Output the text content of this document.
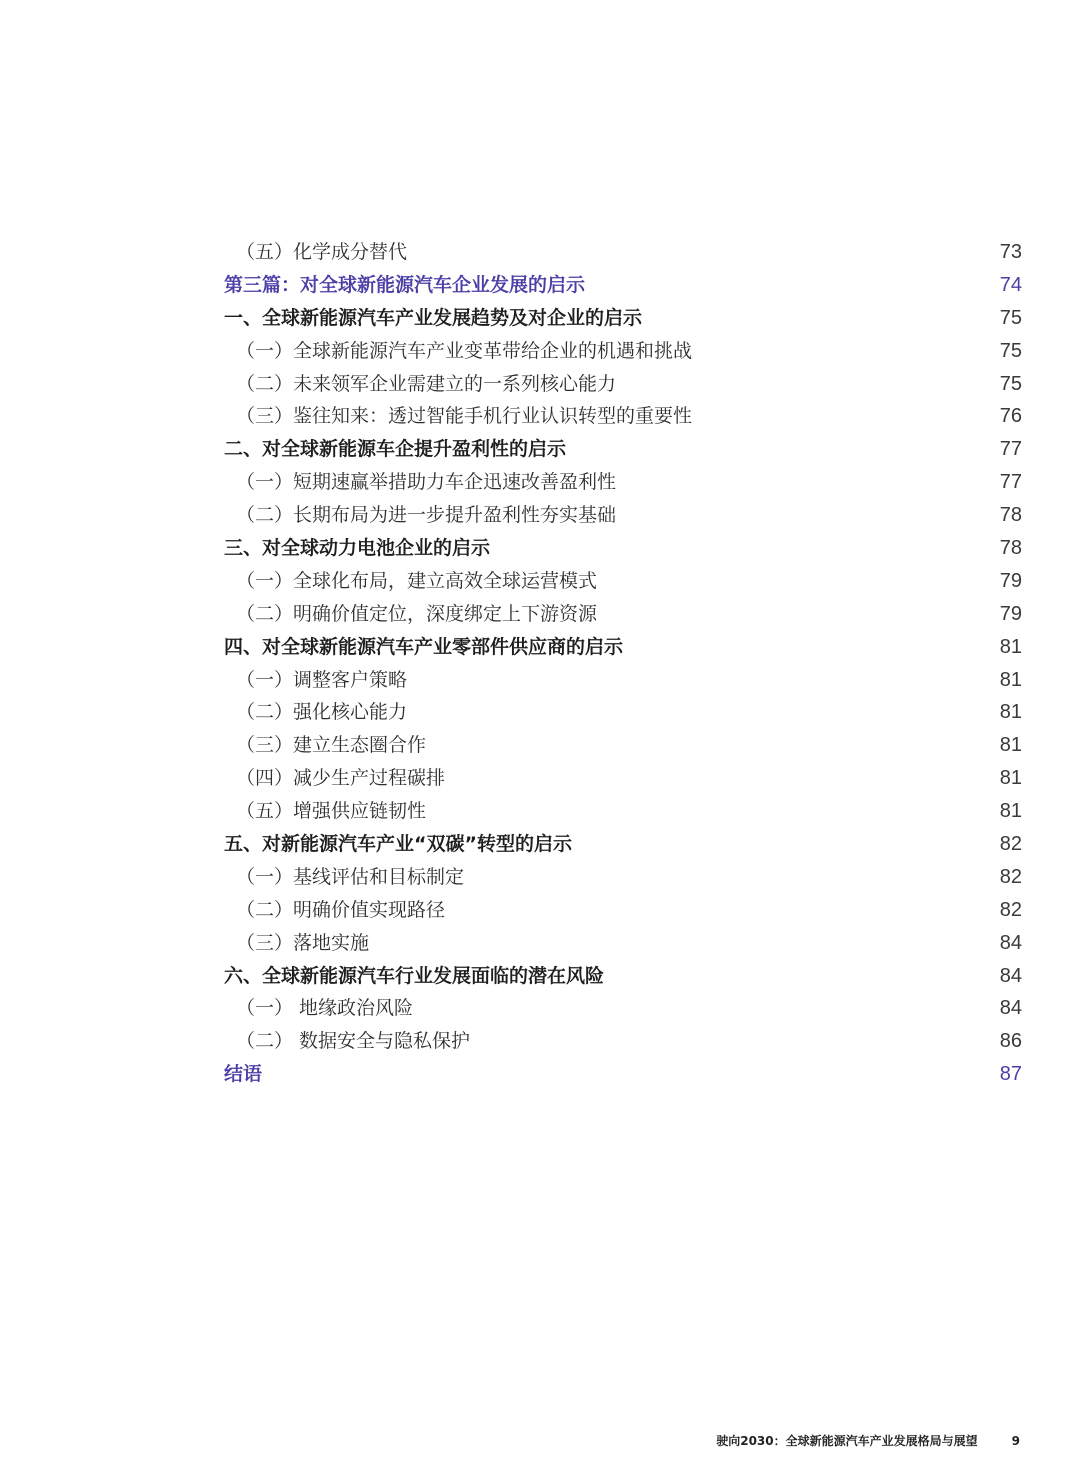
（五）化学成分替代	73
第三篇：对全球新能源汽车企业发展的启示	74
一、全球新能源汽车产业发展趋势及对企业的启示	75
（一）全球新能源汽车产业变革带给企业的机遇和挑战	75
（二）未来领军企业需建立的一系列核心能力	75
（三）鉴往知来：透过智能手机行业认识转型的重要性	76
二、对全球新能源车企提升盈利性的启示	77
（一）短期速赢举措助力车企迅速改善盈利性	77
（二）长期布局为进一步提升盈利性夯实基础	78
三、对全球动力电池企业的启示	78
（一）全球化布局，建立高效全球运营模式	79
（二）明确价值定位，深度绑定上下游资源	79
四、对全球新能源汽车产业零部件供应商的启示	81
（一）调整客户策略	81
（二）强化核心能力	81
（三）建立生态圈合作	81
（四）减少生产过程碳排	81
（五）增强供应链韧性	81
五、对新能源汽车产业“双碳”转型的启示	82
（一）基线评估和目标制定	82
（二）明确价值实现路径	82
（三）落地实施	84
六、全球新能源汽车行业发展面临的潜在风险	84
（一） 地缘政治风险	84
（二） 数据安全与隐私保护	86
结语	87
驶向2030：全球新能源汽车产业发展格局与展望	9
